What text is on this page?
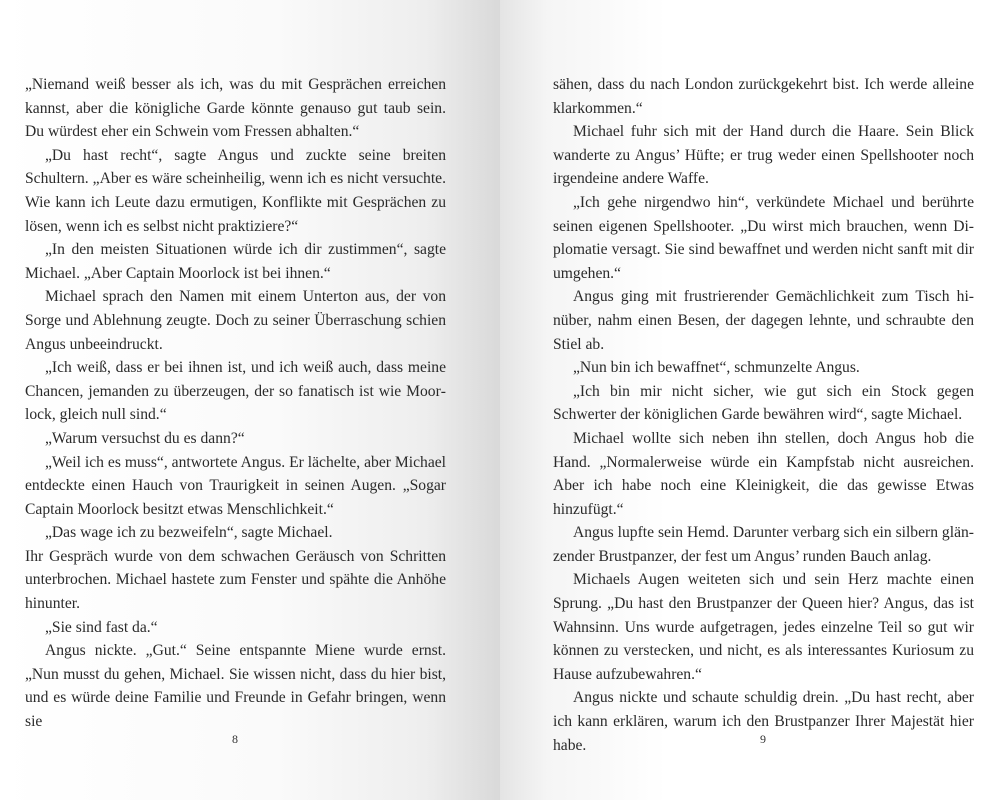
„Niemand weiß besser als ich, was du mit Gesprächen erreichen kannst, aber die königliche Garde könnte genauso gut taub sein. Du würdest eher ein Schwein vom Fressen abhalten.“

„Du hast recht“, sagte Angus und zuckte seine breiten Schultern. „Aber es wäre scheinheilig, wenn ich es nicht versuchte. Wie kann ich Leute dazu ermutigen, Konflikte mit Gesprächen zu lösen, wenn ich es selbst nicht praktiziere?“

„In den meisten Situationen würde ich dir zustimmen“, sagte Michael. „Aber Captain Moorlock ist bei ihnen.“

Michael sprach den Namen mit einem Unterton aus, der von Sorge und Ablehnung zeugte. Doch zu seiner Überraschung schien Angus unbeeindruckt.

„Ich weiß, dass er bei ihnen ist, und ich weiß auch, dass meine Chancen, jemanden zu überzeugen, der so fanatisch ist wie Moorlock, gleich null sind.“

„Warum versuchst du es dann?“

„Weil ich es muss“, antwortete Angus. Er lächelte, aber Michael entdeckte einen Hauch von Traurigkeit in seinen Augen. „Sogar Captain Moorlock besitzt etwas Menschlichkeit.“

„Das wage ich zu bezweifeln“, sagte Michael.

Ihr Gespräch wurde von dem schwachen Geräusch von Schritten unterbrochen. Michael hastete zum Fenster und spähte die Anhöhe hinunter.

„Sie sind fast da.“

Angus nickte. „Gut.“ Seine entspannte Miene wurde ernst. „Nun musst du gehen, Michael. Sie wissen nicht, dass du hier bist, und es würde deine Familie und Freunde in Gefahr bringen, wenn sie

8

sähen, dass du nach London zurückgekehrt bist. Ich werde alleine klarkommen.“

Michael fuhr sich mit der Hand durch die Haare. Sein Blick wanderte zu Angus’ Hüfte; er trug weder einen Spellshooter noch irgendeine andere Waffe.

„Ich gehe nirgendwo hin“, verkündete Michael und berührte seinen eigenen Spellshooter. „Du wirst mich brauchen, wenn Diplomatie versagt. Sie sind bewaffnet und werden nicht sanft mit dir umgehen.“

Angus ging mit frustrierender Gemächlichkeit zum Tisch hinüber, nahm einen Besen, der dagegen lehnte, und schraubte den Stiel ab.

„Nun bin ich bewaffnet“, schmunzelte Angus.

„Ich bin mir nicht sicher, wie gut sich ein Stock gegen Schwerter der königlichen Garde bewähren wird“, sagte Michael.

Michael wollte sich neben ihn stellen, doch Angus hob die Hand. „Normalerweise würde ein Kampfstab nicht ausreichen. Aber ich habe noch eine Kleinigkeit, die das gewisse Etwas hinzufügt.“

Angus lupfte sein Hemd. Darunter verbarg sich ein silbern glänzender Brustpanzer, der fest um Angus’ runden Bauch anlag.

Michaels Augen weiteten sich und sein Herz machte einen Sprung. „Du hast den Brustpanzer der Queen hier? Angus, das ist Wahnsinn. Uns wurde aufgetragen, jedes einzelne Teil so gut wir können zu verstecken, und nicht, es als interessantes Kuriosum zu Hause aufzubewahren.“

Angus nickte und schaute schuldig drein. „Du hast recht, aber ich kann erklären, warum ich den Brustpanzer Ihrer Majestät hier habe.	9
